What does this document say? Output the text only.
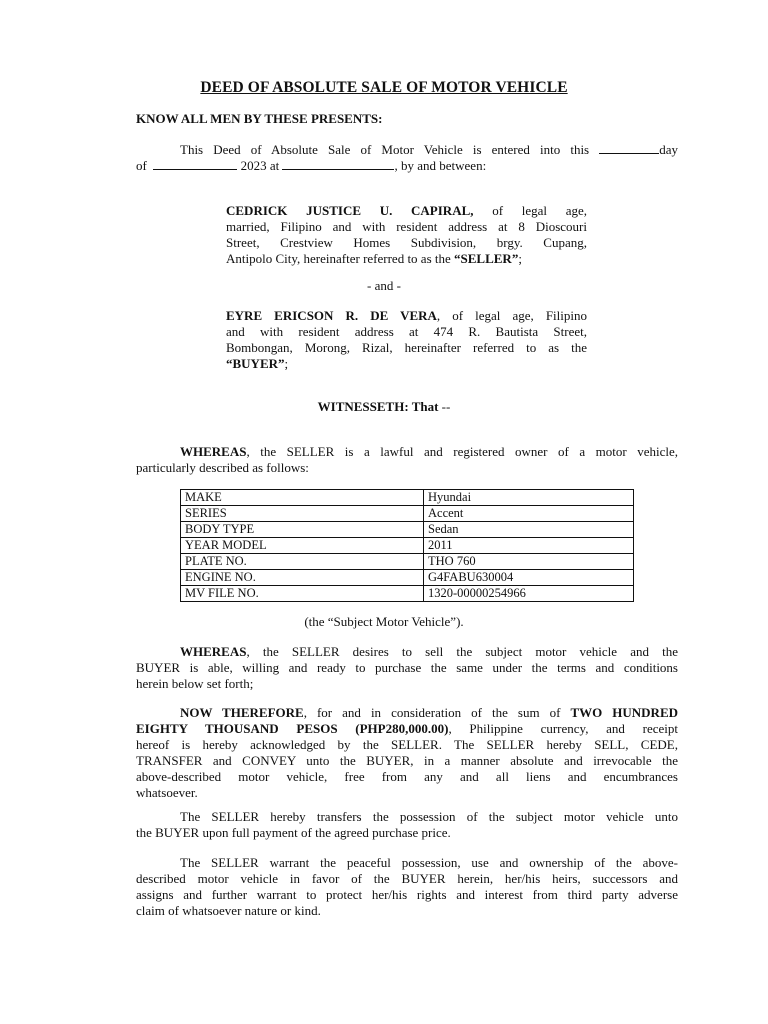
DEED OF ABSOLUTE SALE OF MOTOR VEHICLE
KNOW ALL MEN BY THESE PRESENTS:
This Deed of Absolute Sale of Motor Vehicle is entered into this	day
of	2023 at	, by and between:
CEDRICK JUSTICE U. CAPIRAL, of legal age,
married, Filipino and with resident address at 8 Dioscouri
Street, Crestview Homes Subdivision, brgy. Cupang,
Antipolo City, hereinafter referred to as the “SELLER”;
- and -
EYRE ERICSON R. DE VERA, of legal age, Filipino
and with resident address at 474 R. Bautista Street,
Bombongan, Morong, Rizal, hereinafter referred to as the
“BUYER”;
WITNESSETH: That --
WHEREAS, the SELLER is a lawful and registered owner of a motor vehicle,
particularly described as follows:
MAKE	Hyundai
SERIES	Accent
BODY TYPE	Sedan
YEAR MODEL	2011
PLATE NO.	THO 760
ENGINE NO.	G4FABU630004
MV FILE NO.	1320-00000254966
(the “Subject Motor Vehicle”).
WHEREAS, the SELLER desires to sell the subject motor vehicle and the
BUYER is able, willing and ready to purchase the same under the terms and conditions
herein below set forth;
NOW THEREFORE, for and in consideration of the sum of TWO HUNDRED
EIGHTY THOUSAND PESOS (PHP280,000.00), Philippine currency, and receipt
hereof is hereby acknowledged by the SELLER. The SELLER hereby SELL, CEDE,
TRANSFER and CONVEY unto the BUYER, in a manner absolute and irrevocable the
above-described motor vehicle, free from any and all liens and encumbrances
whatsoever.
The SELLER hereby transfers the possession of the subject motor vehicle unto
the BUYER upon full payment of the agreed purchase price.
The SELLER warrant the peaceful possession, use and ownership of the above-
described motor vehicle in favor of the BUYER herein, her/his heirs, successors and
assigns and further warrant to protect her/his rights and interest from third party adverse
claim of whatsoever nature or kind.
